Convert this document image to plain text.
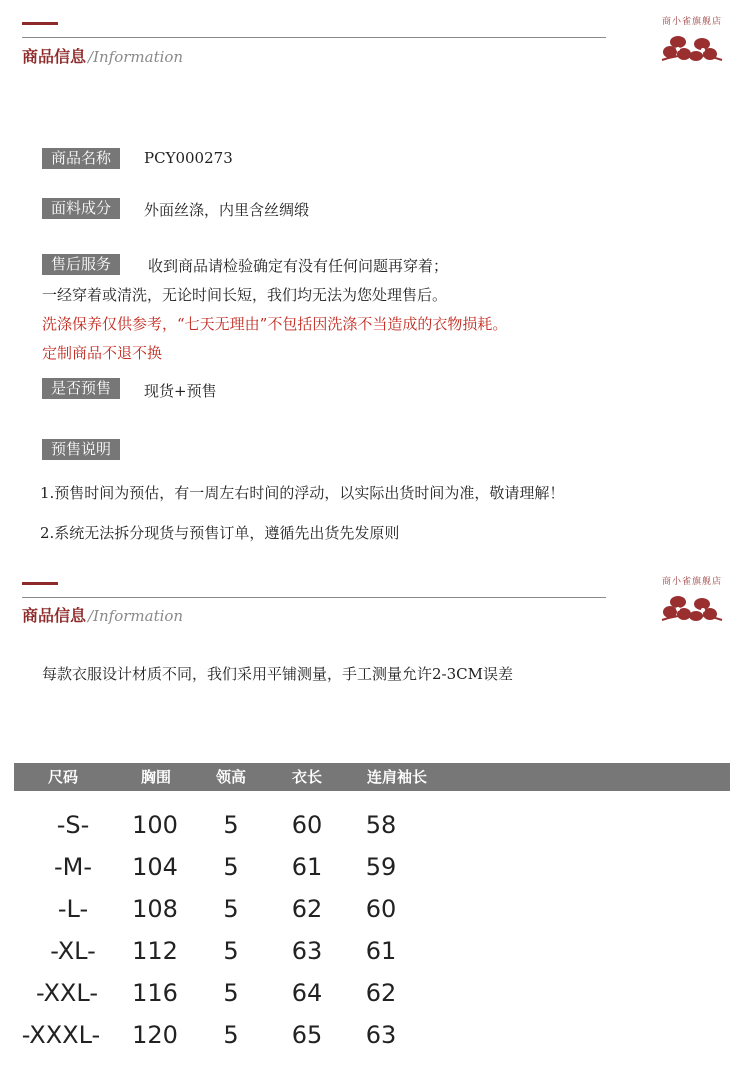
商品信息 /Information
商小雀旗舰店
商品名称	PCY000273
面料成分	外面丝涤，内里含丝绸缎
售后服务	收到商品请检验确定有没有任何问题再穿着；
一经穿着或清洗，无论时间长短，我们均无法为您处理售后。
洗涤保养仅供参考，“七天无理由”不包括因洗涤不当造成的衣物损耗。
定制商品不退不换
是否预售	现货+预售
预售说明
1.预售时间为预估，有一周左右时间的浮动，以实际出货时间为准，敬请理解！
2.系统无法拆分现货与预售订单，遵循先出货先发原则
商品信息 /Information
商小雀旗舰店
每款衣服设计材质不同，我们采用平铺测量，手工测量允许2-3CM误差
尺码	胸围	领高	衣长	连肩袖长
-S-	100	5	60	58
-M-	104	5	61	59
-L-	108	5	62	60
-XL-	112	5	63	61
-XXL-	116	5	64	62
-XXXL-	120	5	65	63
